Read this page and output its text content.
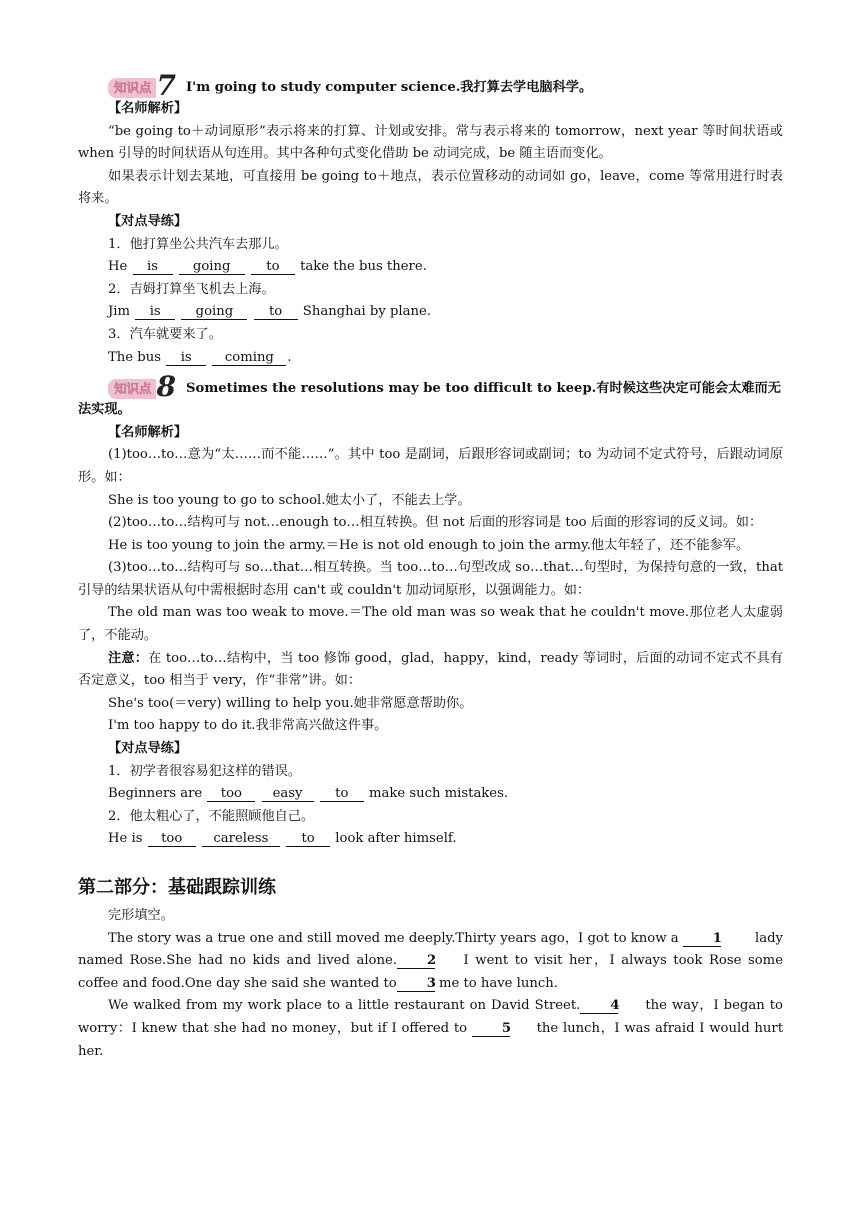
知识点 7 I'm going to study computer science.我打算去学电脑科学。
【名师解析】
“be going to＋动词原形”表示将来的打算、计划或安排。常与表示将来的 tomorrow，next year 等时间状语或 when 引导的时间状语从句连用。其中各种句式变化借助 be 动词完成，be 随主语而变化。
如果表示计划去某地，可直接用 be going to＋地点，表示位置移动的动词如 go，leave，come 等常用进行时表将来。
【对点导练】
1．他打算坐公共汽车去那儿。
He is	going	to take the bus there.
2．吉姆打算坐飞机去上海。
Jim is	going	to Shanghai by plane.
3．汽车就要来了。
The bus is	coming .
知识点 8 Sometimes the resolutions may be too difficult to keep.有时候这些决定可能会太难而无
法实现。
【名师解析】
(1)too…to…意为“太……而不能……”。其中 too 是副词，后跟形容词或副词；to 为动词不定式符号，后跟动词原形。如：
She is too young to go to school.她太小了，不能去上学。
(2)too…to…结构可与 not…enough to…相互转换。但 not 后面的形容词是 too 后面的形容词的反义词。如：
He is too young to join the army.＝He is not old enough to join the army.他太年轻了，还不能参军。
(3)too…to…结构可与 so…that…相互转换。当 too…to…句型改成 so…that…句型时，为保持句意的一致，that 引导的结果状语从句中需根据时态用 can't 或 couldn't 加动词原形，以强调能力。如：
The old man was too weak to move.＝The old man was so weak that he couldn't move.那位老人太虚弱了，不能动。
注意：在 too…to…结构中，当 too 修饰 good，glad，happy，kind，ready 等词时，后面的动词不定式不具有否定意义，too 相当于 very，作“非常”讲。如：
She's too(＝very) willing to help you.她非常愿意帮助你。
I'm too happy to do it.我非常高兴做这件事。
【对点导练】
1．初学者很容易犯这样的错误。
Beginners are too easy to make such mistakes.
2．他太粗心了，不能照顾他自己。
He is too careless	to look after himself.
第二部分：基础跟踪训练
完形填空。
The story was a true one and still moved me deeply.Thirty years ago，I got to know a 1 lady named Rose.She had no kids and lived alone. 2 I went to visit her，I always took Rose some coffee and food.One day she said she wanted to 3 me to have lunch.
We walked from my work place to a little restaurant on David Street. 4 the way，I began to worry：I knew that she had no money，but if I offered to 5 the lunch，I was afraid I would hurt her.
